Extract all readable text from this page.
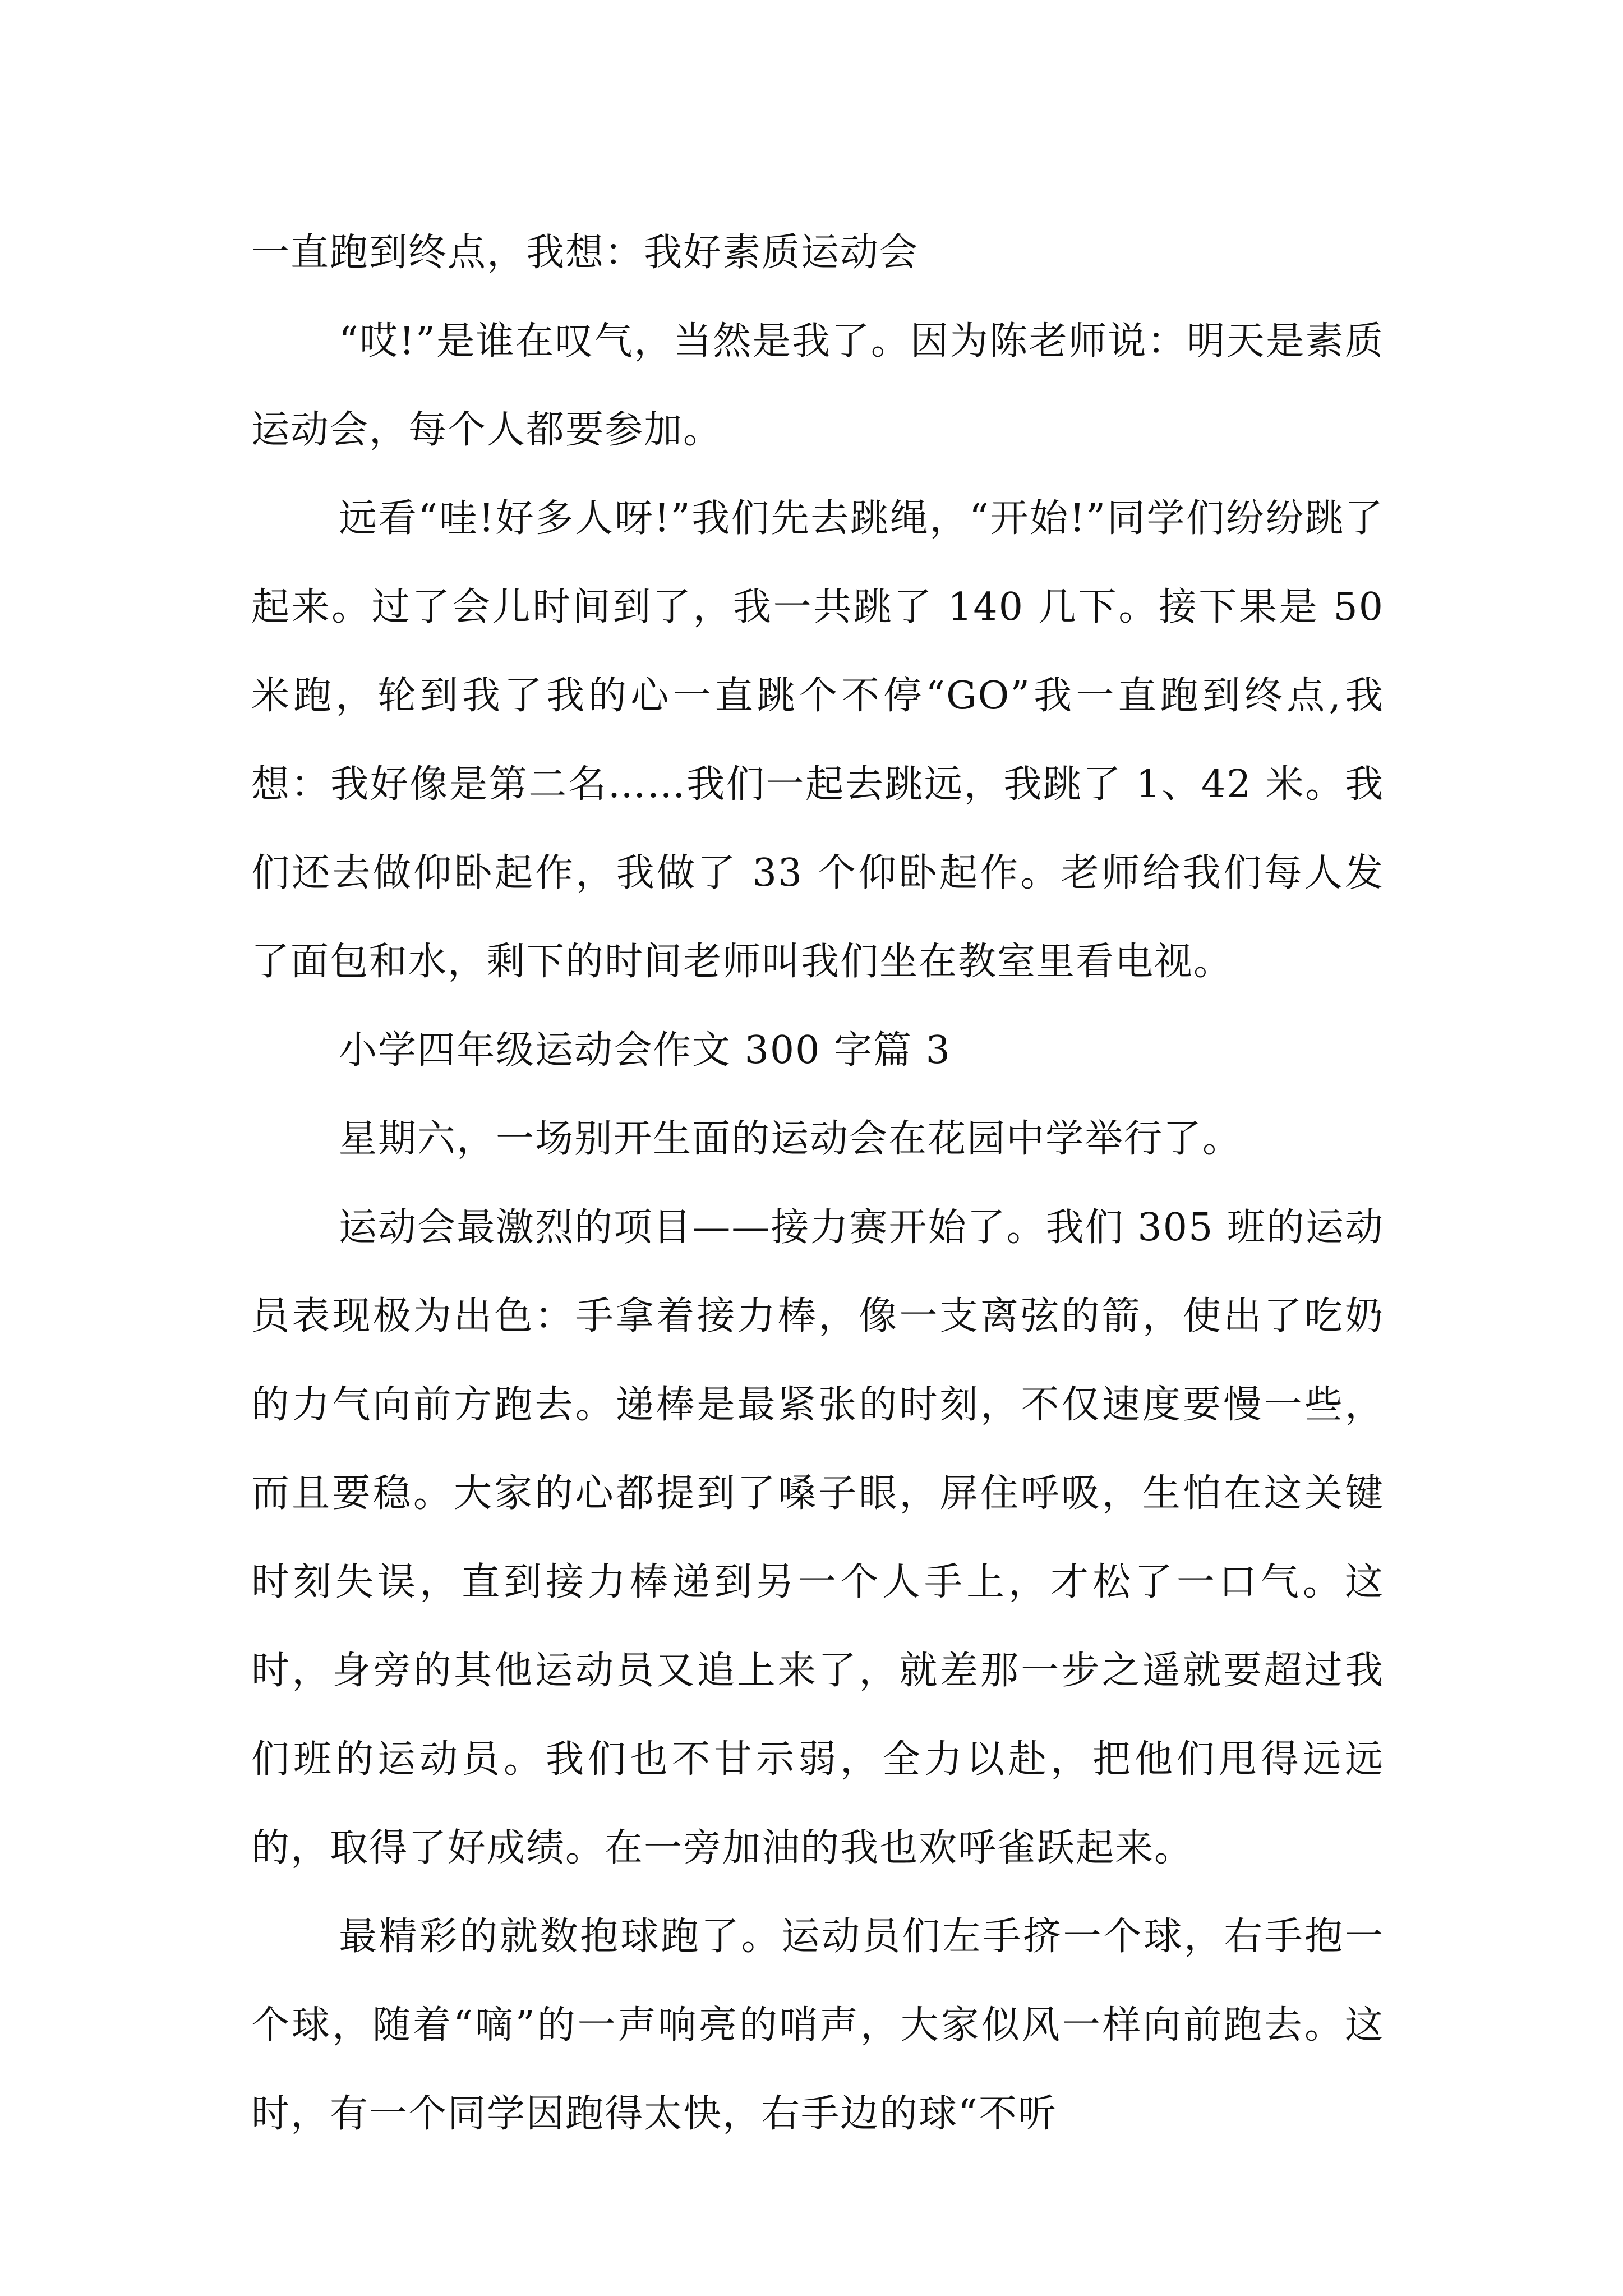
一直跑到终点，我想：我好素质运动会

“哎!”是谁在叹气，当然是我了。因为陈老师说：明天是素质运动会，每个人都要参加。

远看“哇!好多人呀!”我们先去跳绳，“开始!”同学们纷纷跳了起来。过了会儿时间到了，我一共跳了 140 几下。接下果是 50 米跑，轮到我了我的心一直跳个不停“GO”我一直跑到终点,我想：我好像是第二名……我们一起去跳远，我跳了 1、42 米。我们还去做仰卧起作，我做了 33 个仰卧起作。老师给我们每人发了面包和水，剩下的时间老师叫我们坐在教室里看电视。

小学四年级运动会作文 300 字篇 3

星期六，一场别开生面的运动会在花园中学举行了。

运动会最激烈的项目——接力赛开始了。我们 305 班的运动员表现极为出色：手拿着接力棒，像一支离弦的箭，使出了吃奶的力气向前方跑去。递棒是最紧张的时刻，不仅速度要慢一些，而且要稳。大家的心都提到了嗓子眼，屏住呼吸，生怕在这关键时刻失误，直到接力棒递到另一个人手上，才松了一口气。这时，身旁的其他运动员又追上来了，就差那一步之遥就要超过我们班的运动员。我们也不甘示弱，全力以赴，把他们甩得远远的，取得了好成绩。在一旁加油的我也欢呼雀跃起来。

最精彩的就数抱球跑了。运动员们左手挤一个球，右手抱一个球，随着“嘀”的一声响亮的哨声，大家似风一样向前跑去。这时，有一个同学因跑得太快，右手边的球“不听
